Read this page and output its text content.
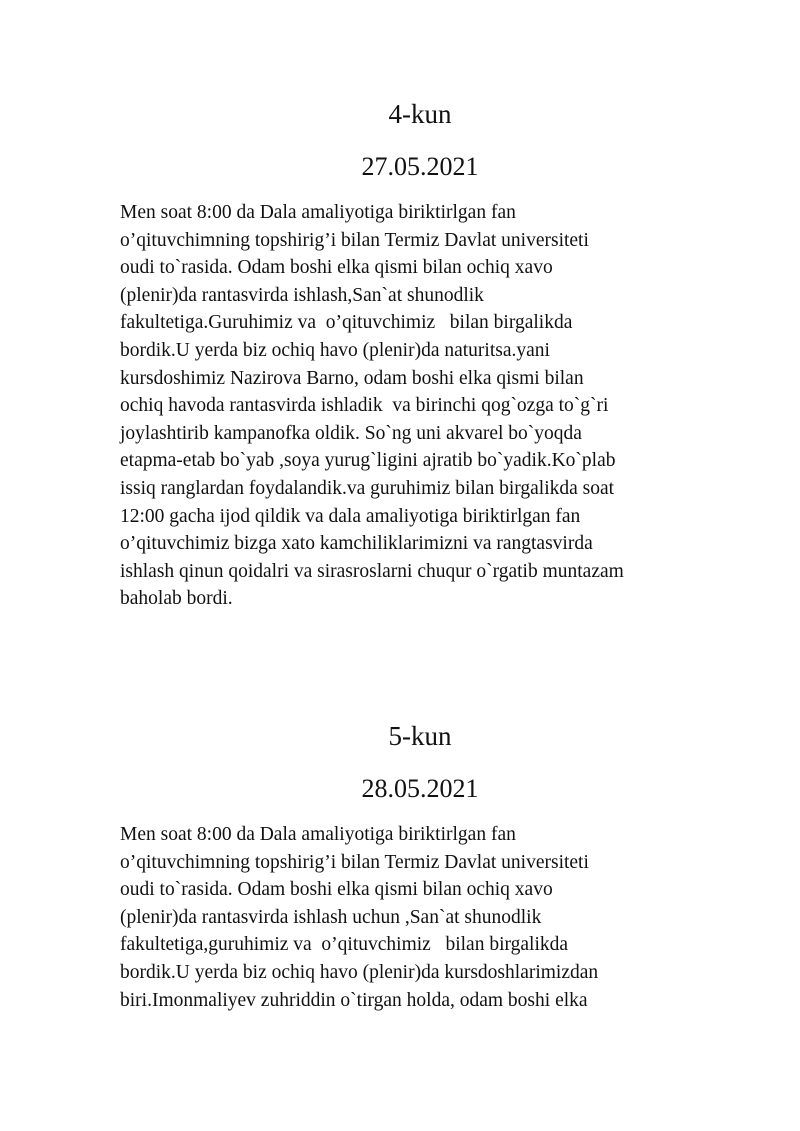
4-kun
27.05.2021
Men soat 8:00 da Dala amaliyotiga biriktirlgan fan
o’qituvchimning topshirig’i bilan Termiz Davlat universiteti
oudi to`rasida. Odam boshi elka qismi bilan ochiq xavo
(plenir)da rantasvirda ishlash,San`at shunodlik
fakultetiga.Guruhimiz va  o’qituvchimiz   bilan birgalikda
bordik.U yerda biz ochiq havo (plenir)da naturitsa.yani
kursdoshimiz Nazirova Barno, odam boshi elka qismi bilan
ochiq havoda rantasvirda ishladik  va birinchi qog`ozga to`g`ri
joylashtirib kampanofka oldik. So`ng uni akvarel bo`yoqda
etapma-etab bo`yab ,soya yurug`ligini ajratib bo`yadik.Ko`plab
issiq ranglardan foydalandik.va guruhimiz bilan birgalikda soat
12:00 gacha ijod qildik va dala amaliyotiga biriktirlgan fan
o’qituvchimiz bizga xato kamchiliklarimizni va rangtasvirda
ishlash qinun qoidalri va sirasroslarni chuqur o`rgatib muntazam
baholab bordi.
5-kun
28.05.2021
Men soat 8:00 da Dala amaliyotiga biriktirlgan fan
o’qituvchimning topshirig’i bilan Termiz Davlat universiteti
oudi to`rasida. Odam boshi elka qismi bilan ochiq xavo
(plenir)da rantasvirda ishlash uchun ,San`at shunodlik
fakultetiga,guruhimiz va  o’qituvchimiz   bilan birgalikda
bordik.U yerda biz ochiq havo (plenir)da kursdoshlarimizdan
biri.Imonmaliyev zuhriddin o`tirgan holda, odam boshi elka
